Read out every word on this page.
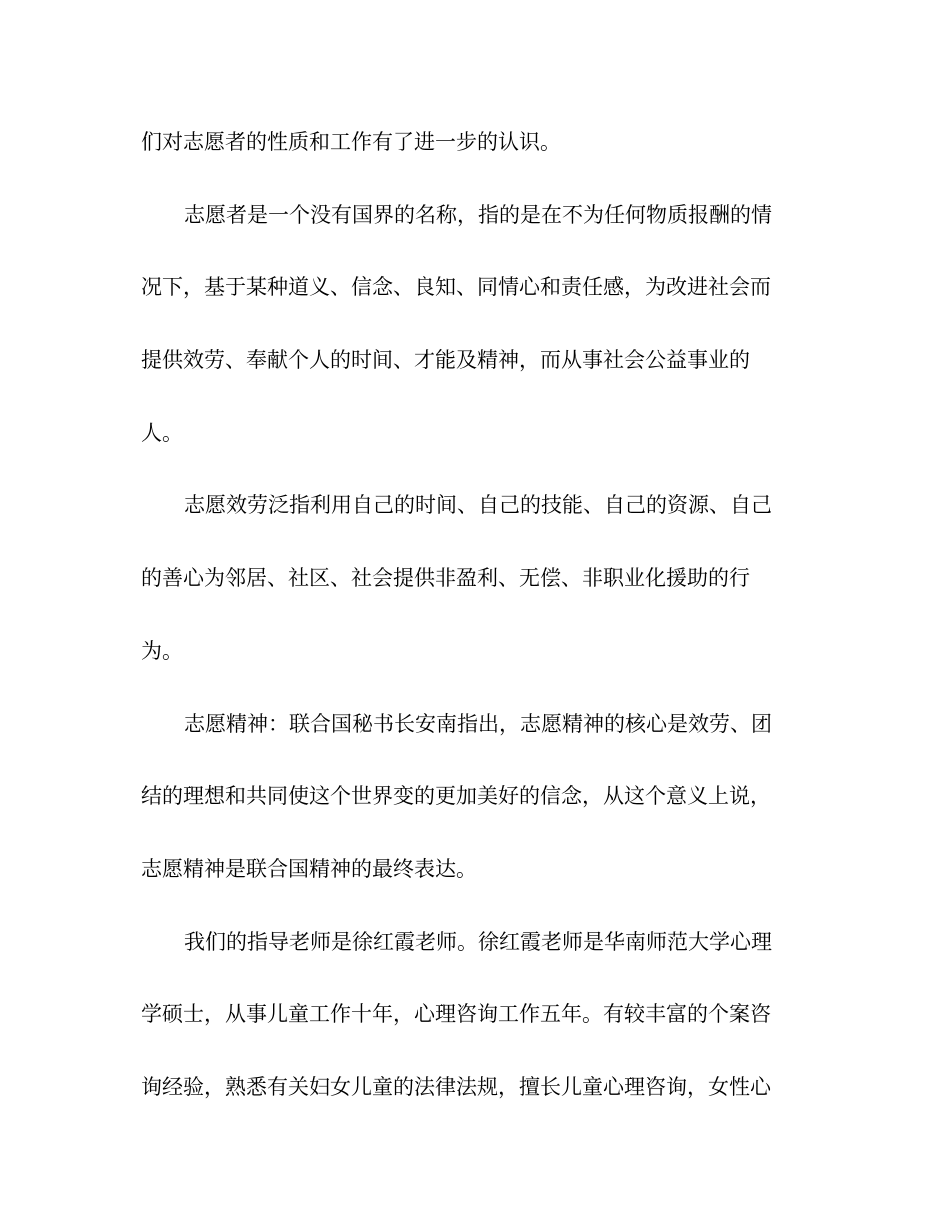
们对志愿者的性质和工作有了进一步的认识。
志愿者是一个没有国界的名称，指的是在不为任何物质报酬的情
况下，基于某种道义、信念、良知、同情心和责任感，为改进社会而
提供效劳、奉献个人的时间、才能及精神，而从事社会公益事业的
人。
志愿效劳泛指利用自己的时间、自己的技能、自己的资源、自己
的善心为邻居、社区、社会提供非盈利、无偿、非职业化援助的行
为。
志愿精神：联合国秘书长安南指出，志愿精神的核心是效劳、团
结的理想和共同使这个世界变的更加美好的信念，从这个意义上说，
志愿精神是联合国精神的最终表达。
我们的指导老师是徐红霞老师。徐红霞老师是华南师范大学心理
学硕士，从事儿童工作十年，心理咨询工作五年。有较丰富的个案咨
询经验，熟悉有关妇女儿童的法律法规，擅长儿童心理咨询，女性心
